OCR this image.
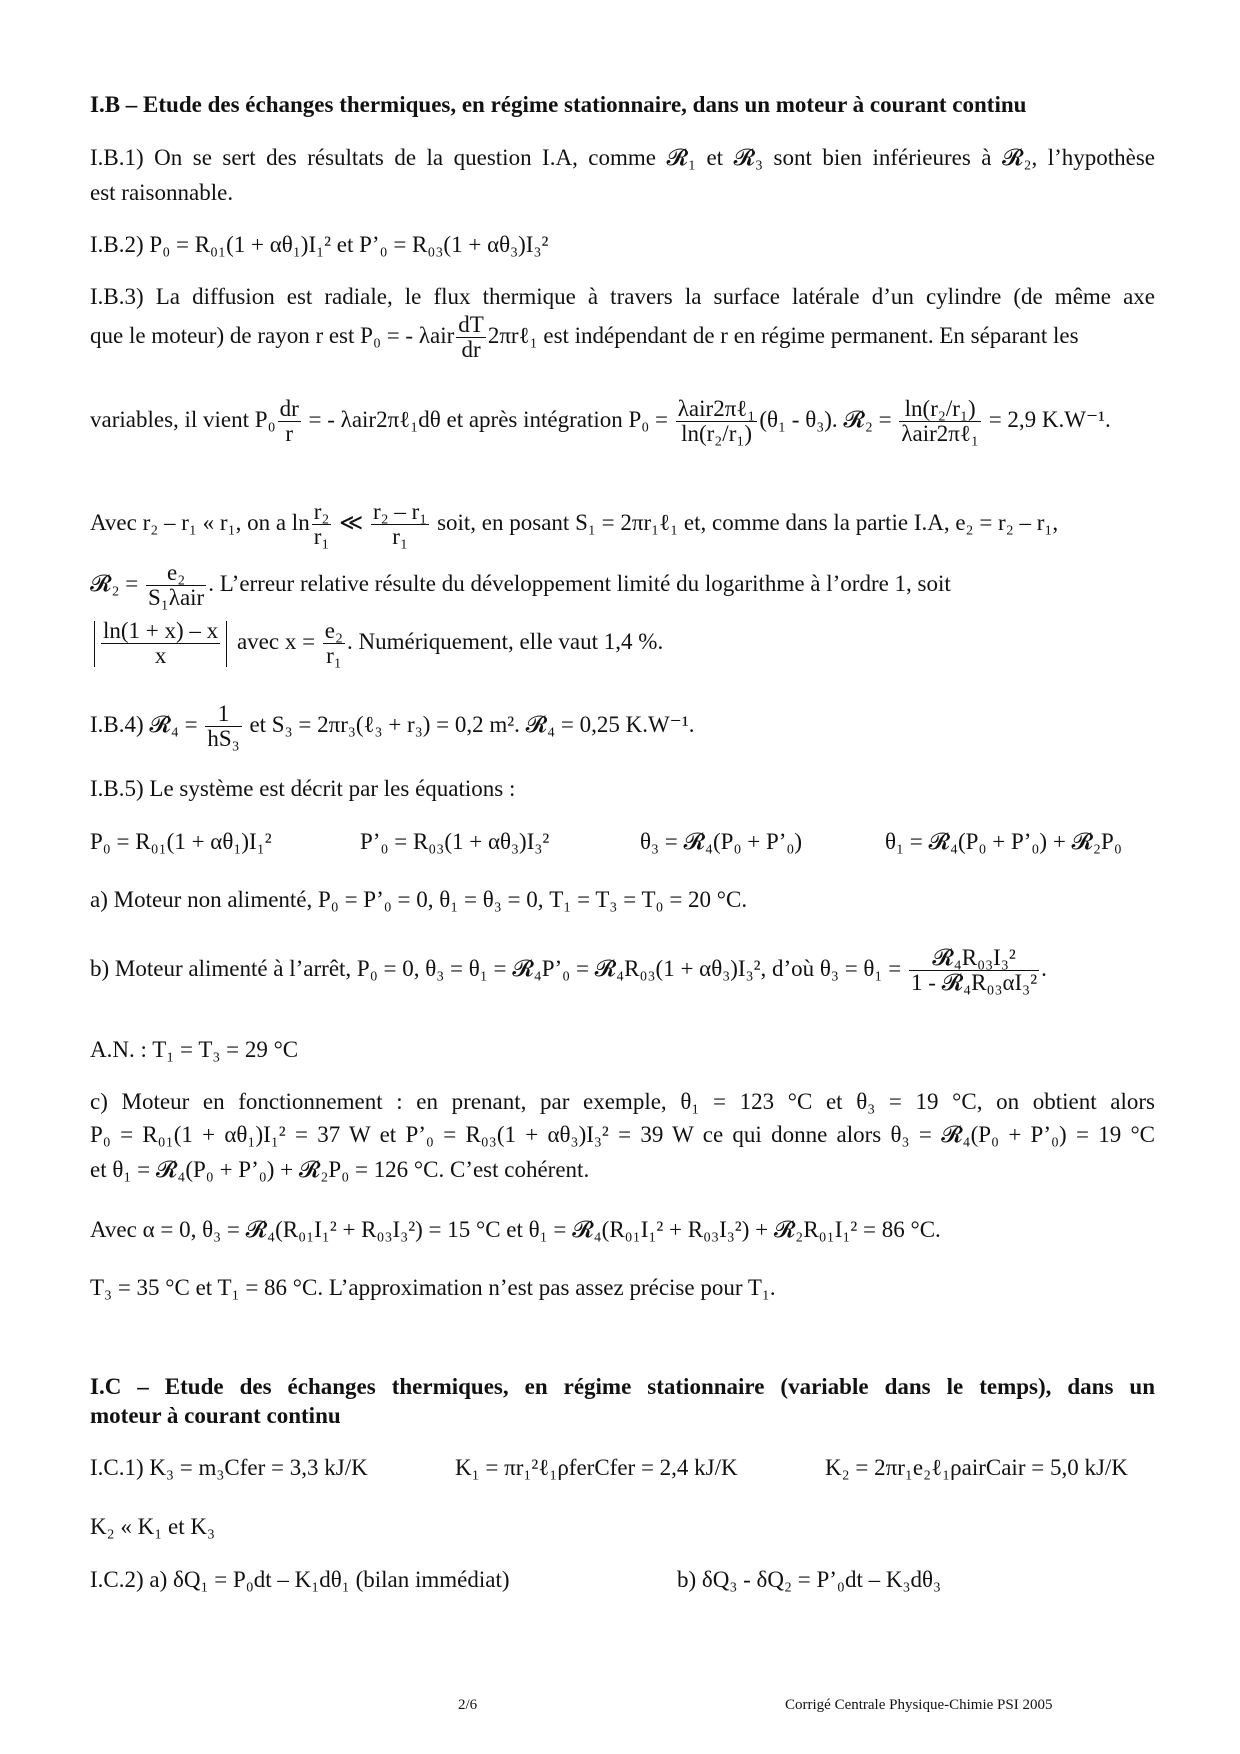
I.B – Etude des échanges thermiques, en régime stationnaire, dans un moteur à courant continu
I.B.1) On se sert des résultats de la question I.A, comme 𝓡₁ et 𝓡₃ sont bien inférieures à 𝓡₂, l’hypothèse
est raisonnable.
I.B.2) P₀ = R₀₁(1 + αθ₁)I₁² et P’₀ = R₀₃(1 + αθ₃)I₃²
I.B.3) La diffusion est radiale, le flux thermique à travers la surface latérale d’un cylindre (de même axe
que le moteur) de rayon r est P₀ = - λair $\frac{dT}{dr}$ 2πrℓ₁ est indépendant de r en régime permanent. En séparant les
variables, il vient $P_0 \frac{dr}{r}$ = - λair2πℓ₁dθ et après intégration $P_0 = \frac{\text{λair2πℓ₁}}{\text{ln(r₂/r₁)}} (\theta_1 - \theta_3)$. 𝓡₂ = $\frac{\text{ln(r₂/r₁)}}{\text{λair2πℓ₁}} = 2,9$ K.W⁻¹.
Avec r₂ – r₁ « r₁, on a $\ln \frac{\text{r₂}}{\text{r₁}}$ ≪ $\frac{\text{r₂ – r₁}}{\text{r₁}}$ soit, en posant S₁ = 2πr₁ℓ₁ et, comme dans la partie I.A, e₂ = r₂ – r₁,
𝓡₂ = $\frac{\text{e₂}}{\text{S₁λair}}$ . L’erreur relative résulte du développement limité du logarithme à l’ordre 1, soit
$\frac{\ln(1 + x) - x}{x}$ avec $x = \frac{\text{e₂}}{\text{r₁}}$ . Numériquement, elle vaut 1,4 %.
I.B.4) 𝓡₄ = $\frac{1}{\text{hS₃}}$ et S₃ = 2πr₃(ℓ₃ + r₃) = 0,2 m². 𝓡₄ = 0,25 K.W⁻¹.
I.B.5) Le système est décrit par les équations :
P₀ = R₀₁(1 + αθ₁)I₁²	P’₀ = R₀₃(1 + αθ₃)I₃²	θ₃ = 𝓡₄(P₀ + P’₀)	θ₁ = 𝓡₄(P₀ + P’₀) + 𝓡₂P₀
a) Moteur non alimenté, P₀ = P’₀ = 0, θ₁ = θ₃ = 0, T₁ = T₃ = T₀ = 20 °C.
b) Moteur alimenté à l’arrêt, P₀ = 0, θ₃ = θ₁ = 𝓡₄P’₀ = 𝓡₄R₀₃(1 + αθ₃)I₃², d’où $\theta_3 = \theta_1 = \frac{\text{𝓡₄R₀₃I₃²}}{\text{1 - 𝓡₄R₀₃αI₃²}}$ .
A.N. : T₁ = T₃ = 29 °C
c) Moteur en fonctionnement : en prenant, par exemple, θ₁ = 123 °C et θ₃ = 19 °C, on obtient alors
P₀ = R₀₁(1 + αθ₁)I₁² = 37 W et P’₀ = R₀₃(1 + αθ₃)I₃² = 39 W ce qui donne alors θ₃ = 𝓡₄(P₀ + P’₀) = 19 °C
et θ₁ = 𝓡₄(P₀ + P’₀) + 𝓡₂P₀ = 126 °C. C’est cohérent.
Avec α = 0, θ₃ = 𝓡₄(R₀₁I₁² + R₀₃I₃²) = 15 °C et θ₁ = 𝓡₄(R₀₁I₁² + R₀₃I₃²) + 𝓡₂R₀₁I₁² = 86 °C.
T₃ = 35 °C et T₁ = 86 °C. L’approximation n’est pas assez précise pour T₁.
I.C – Etude des échanges thermiques, en régime stationnaire (variable dans le temps), dans un
moteur à courant continu
I.C.1) K₃ = m₃Cfer = 3,3 kJ/K	K₁ = πr₁²ℓ₁ρferCfer = 2,4 kJ/K	K₂ = 2πr₁e₂ℓ₁ρairCair = 5,0 kJ/K
K₂ « K₁ et K₃
I.C.2) a) δQ₁ = P₀dt – K₁dθ₁ (bilan immédiat)	b) δQ₃ - δQ₂ = P’₀dt – K₃dθ₃
2/6	Corrigé Centrale Physique-Chimie PSI 2005
